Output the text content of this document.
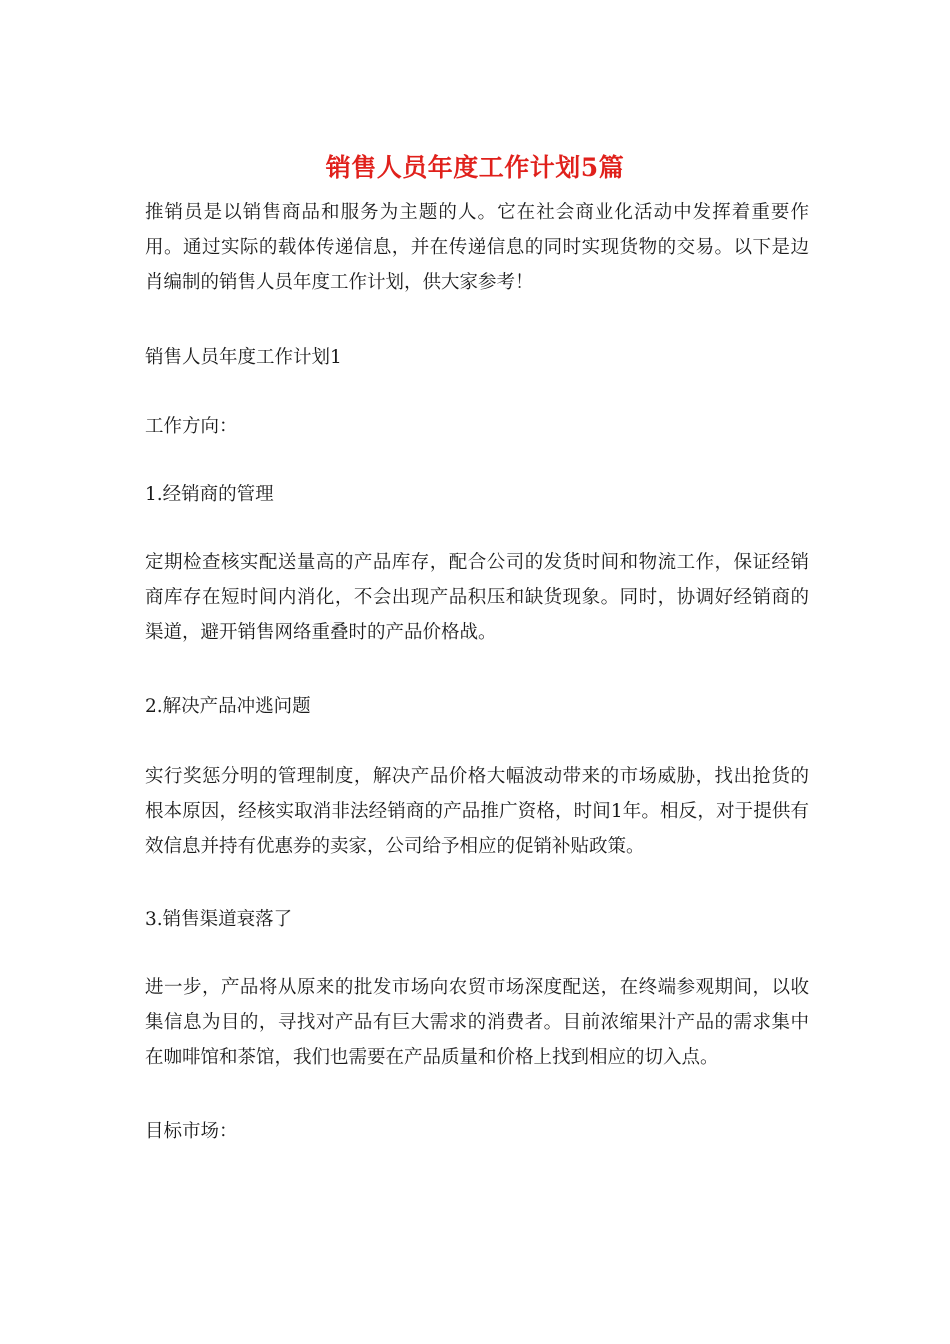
销售人员年度工作计划5篇

推销员是以销售商品和服务为主题的人。它在社会商业化活动中发挥着重要作用。通过实际的载体传递信息，并在传递信息的同时实现货物的交易。以下是边肖编制的销售人员年度工作计划，供大家参考！

销售人员年度工作计划1
工作方向：
1.经销商的管理

定期检查核实配送量高的产品库存，配合公司的发货时间和物流工作，保证经销商库存在短时间内消化，不会出现产品积压和缺货现象。同时，协调好经销商的渠道，避开销售网络重叠时的产品价格战。

2.解决产品冲逃问题

实行奖惩分明的管理制度，解决产品价格大幅波动带来的市场威胁，找出抢货的根本原因，经核实取消非法经销商的产品推广资格，时间1年。相反，对于提供有效信息并持有优惠券的卖家，公司给予相应的促销补贴政策。

3.销售渠道衰落了

进一步，产品将从原来的批发市场向农贸市场深度配送，在终端参观期间，以收集信息为目的，寻找对产品有巨大需求的消费者。目前浓缩果汁产品的需求集中在咖啡馆和茶馆，我们也需要在产品质量和价格上找到相应的切入点。

目标市场：
